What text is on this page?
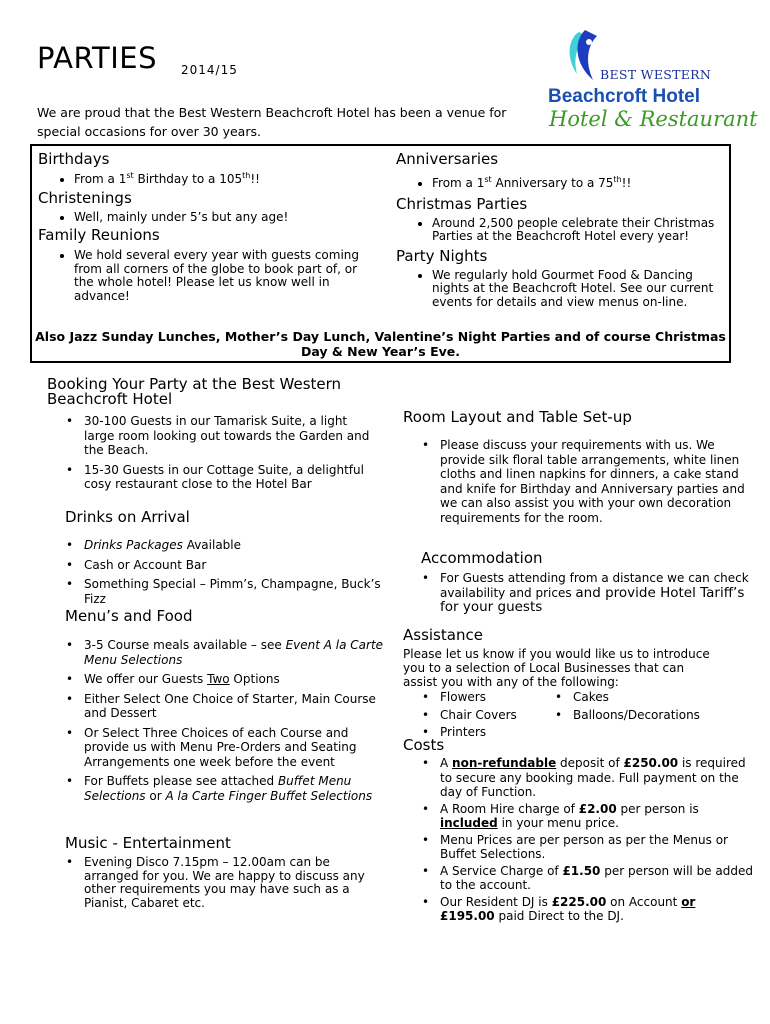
PARTIES 2014/15
We are proud that the Best Western Beachcroft Hotel has been a venue for special occasions for over 30 years.
BEST WESTERN
Beachcroft Hotel
Hotel & Restaurant
Birthdays
• From a 1st Birthday to a 105th!!
Christenings
• Well, mainly under 5’s but any age!
Family Reunions
• We hold several every year with guests coming from all corners of the globe to book part of, or the whole hotel! Please let us know well in advance!
Anniversaries
• From a 1st Anniversary to a 75th!!
Christmas Parties
• Around 2,500 people celebrate their Christmas Parties at the Beachcroft Hotel every year!
Party Nights
• We regularly hold Gourmet Food & Dancing nights at the Beachcroft Hotel. See our current events for details and view menus on-line.
Also Jazz Sunday Lunches, Mother’s Day Lunch, Valentine’s Night Parties and of course Christmas Day & New Year’s Eve.
Booking Your Party at the Best Western Beachcroft Hotel
• 30-100 Guests in our Tamarisk Suite, a light large room looking out towards the Garden and the Beach.
• 15-30 Guests in our Cottage Suite, a delightful cosy restaurant close to the Hotel Bar
Drinks on Arrival
• Drinks Packages Available
• Cash or Account Bar
• Something Special – Pimm’s, Champagne, Buck’s Fizz
Menu’s and Food
• 3-5 Course meals available – see Event A la Carte Menu Selections
• We offer our Guests Two Options
• Either Select One Choice of Starter, Main Course and Dessert
• Or Select Three Choices of each Course and provide us with Menu Pre-Orders and Seating Arrangements one week before the event
• For Buffets please see attached Buffet Menu Selections or A la Carte Finger Buffet Selections
Music - Entertainment
• Evening Disco 7.15pm – 12.00am can be arranged for you. We are happy to discuss any other requirements you may have such as a Pianist, Cabaret etc.
Room Layout and Table Set-up
• Please discuss your requirements with us. We provide silk floral table arrangements, white linen cloths and linen napkins for dinners, a cake stand and knife for Birthday and Anniversary parties and we can also assist you with your own decoration requirements for the room.
Accommodation
• For Guests attending from a distance we can check availability and prices and provide Hotel Tariff’s for your guests
Assistance
Please let us know if you would like us to introduce you to a selection of Local Businesses that can assist you with any of the following:
• Flowers
• Chair Covers
• Printers
• Cakes
• Balloons/Decorations
Costs
• A non-refundable deposit of £250.00 is required to secure any booking made. Full payment on the day of Function.
• A Room Hire charge of £2.00 per person is included in your menu price.
• Menu Prices are per person as per the Menus or Buffet Selections.
• A Service Charge of £1.50 per person will be added to the account.
• Our Resident DJ is £225.00 on Account or
£195.00 paid Direct to the DJ.
